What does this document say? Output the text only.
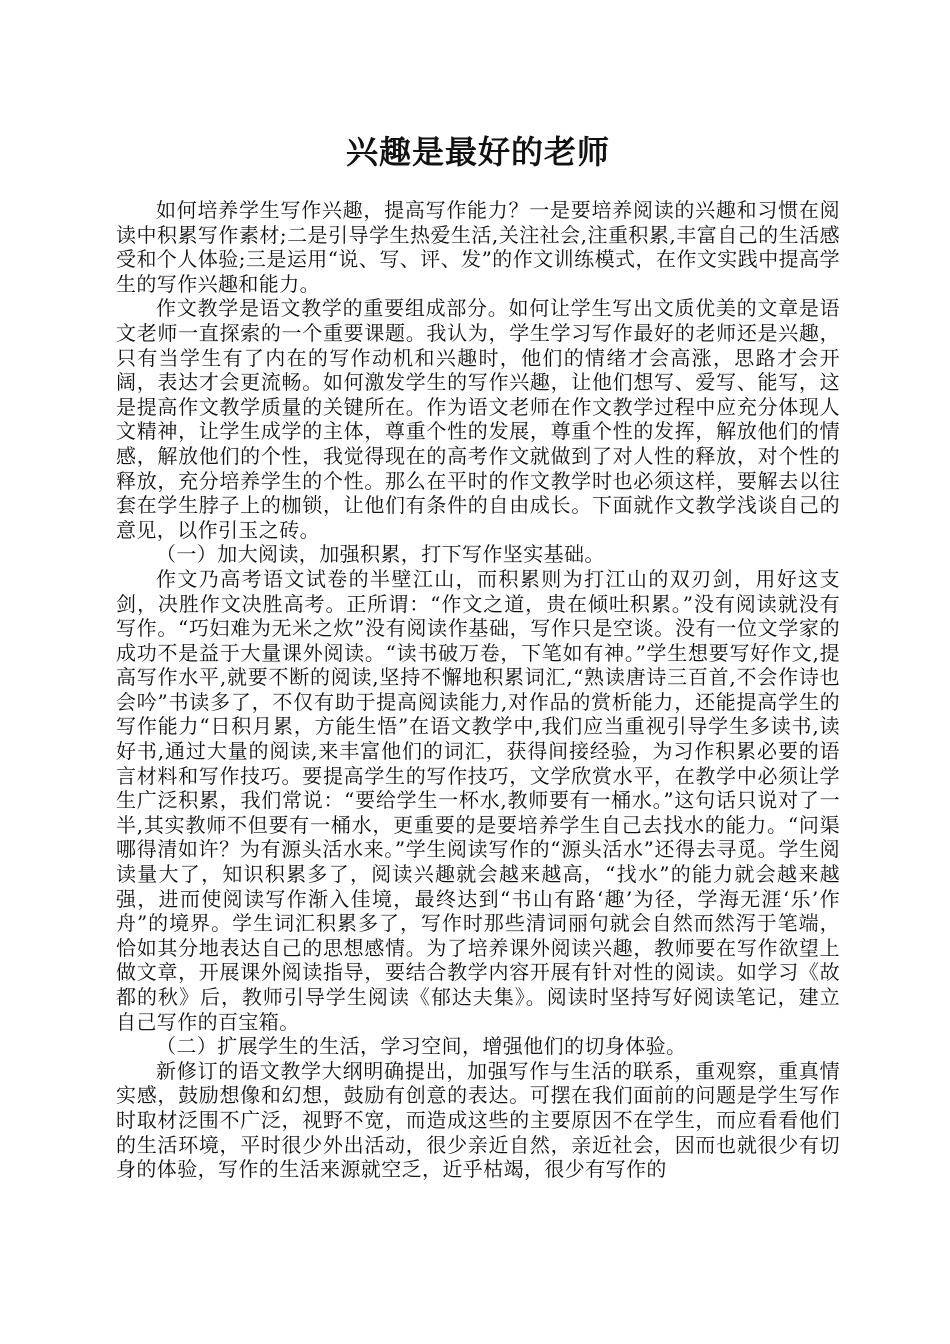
兴趣是最好的老师

如何培养学生写作兴趣，提高写作能力？一是要培养阅读的兴趣和习惯在阅读中积累写作素材;二是引导学生热爱生活,关注社会,注重积累,丰富自己的生活感受和个人体验;三是运用“说、写、评、发”的作文训练模式，在作文实践中提高学生的写作兴趣和能力。

作文教学是语文教学的重要组成部分。如何让学生写出文质优美的文章是语文老师一直探索的一个重要课题。我认为，学生学习写作最好的老师还是兴趣，只有当学生有了内在的写作动机和兴趣时，他们的情绪才会高涨，思路才会开阔，表达才会更流畅。如何激发学生的写作兴趣，让他们想写、爱写、能写，这是提高作文教学质量的关键所在。作为语文老师在作文教学过程中应充分体现人文精神，让学生成学的主体，尊重个性的发展，尊重个性的发挥，解放他们的情感，解放他们的个性，我觉得现在的高考作文就做到了对人性的释放，对个性的释放，充分培养学生的个性。那么在平时的作文教学时也必须这样，要解去以往套在学生脖子上的枷锁，让他们有条件的自由成长。下面就作文教学浅谈自己的意见，以作引玉之砖。

（一）加大阅读，加强积累，打下写作坚实基础。

作文乃高考语文试卷的半壁江山，而积累则为打江山的双刃剑，用好这支剑，决胜作文决胜高考。正所谓：“作文之道，贵在倾吐积累。”没有阅读就没有写作。“巧妇难为无米之炊”没有阅读作基础，写作只是空谈。没有一位文学家的成功不是益于大量课外阅读。“读书破万卷，下笔如有神。”学生想要写好作文,提高写作水平,就要不断的阅读,坚持不懈地积累词汇,“熟读唐诗三百首,不会作诗也会吟”书读多了，不仅有助于提高阅读能力,对作品的赏析能力，还能提高学生的写作能力“日积月累，方能生悟”在语文教学中,我们应当重视引导学生多读书,读好书,通过大量的阅读,来丰富他们的词汇，获得间接经验，为习作积累必要的语言材料和写作技巧。要提高学生的写作技巧，文学欣赏水平，在教学中必须让学生广泛积累，我们常说：“要给学生一杯水,教师要有一桶水。”这句话只说对了一半,其实教师不但要有一桶水，更重要的是要培养学生自己去找水的能力。“问渠哪得清如许？为有源头活水来。”学生阅读写作的“源头活水”还得去寻觅。学生阅读量大了，知识积累多了，阅读兴趣就会越来越高，“找水”的能力就会越来越强，进而使阅读写作渐入佳境，最终达到“书山有路‘趣’为径，学海无涯‘乐’作舟”的境界。学生词汇积累多了，写作时那些清词丽句就会自然而然泻于笔端，恰如其分地表达自己的思想感情。为了培养课外阅读兴趣，教师要在写作欲望上做文章，开展课外阅读指导，要结合教学内容开展有针对性的阅读。如学习《故都的秋》后，教师引导学生阅读《郁达夫集》。阅读时坚持写好阅读笔记，建立自己写作的百宝箱。

（二）扩展学生的生活，学习空间，增强他们的切身体验。

新修订的语文教学大纲明确提出，加强写作与生活的联系，重观察，重真情实感，鼓励想像和幻想，鼓励有创意的表达。可摆在我们面前的问题是学生写作时取材泛围不广泛，视野不宽，而造成这些的主要原因不在学生，而应看看他们的生活环境，平时很少外出活动，很少亲近自然，亲近社会，因而也就很少有切身的体验，写作的生活来源就空乏，近乎枯竭，很少有写作的
